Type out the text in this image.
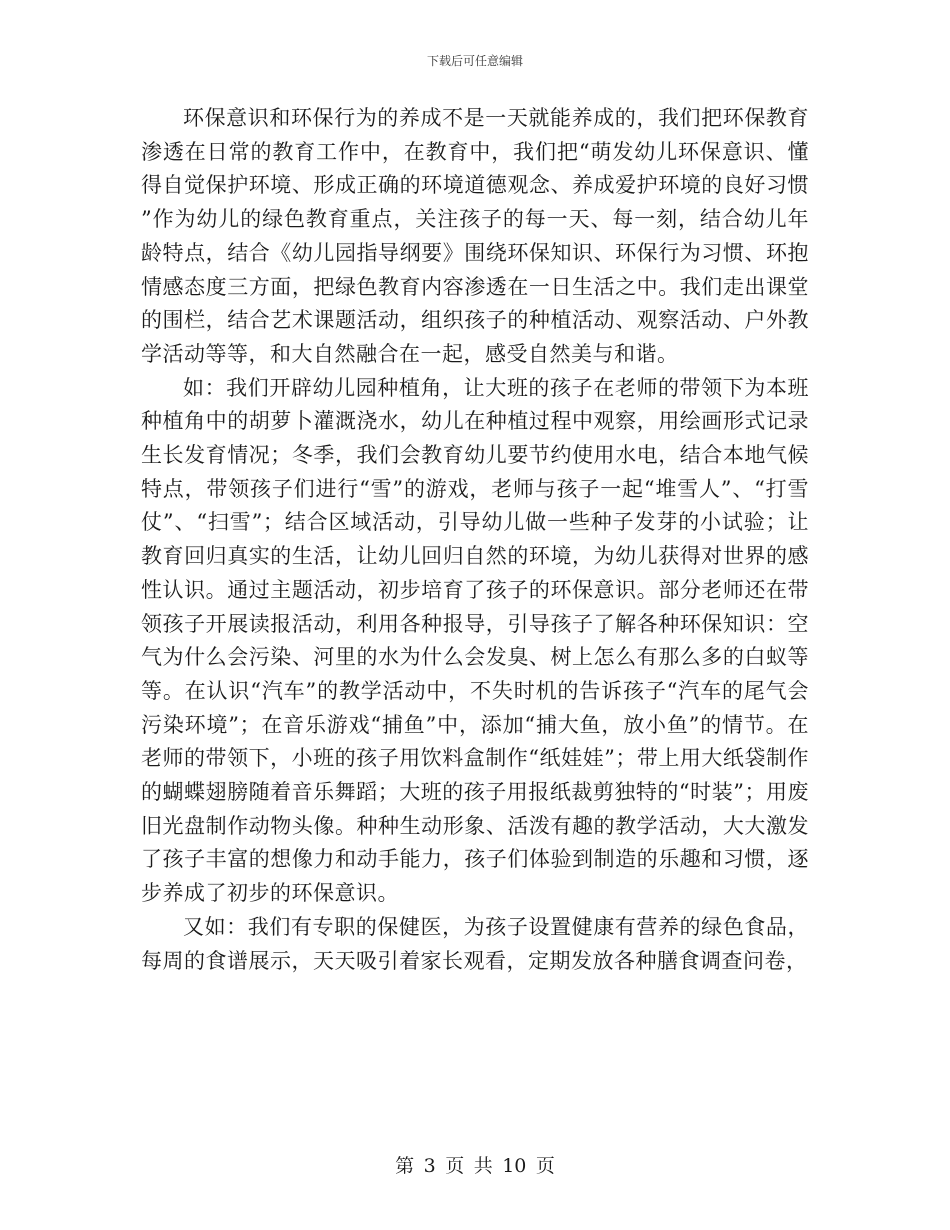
下载后可任意编辑

环保意识和环保行为的养成不是一天就能养成的，我们把环保教育渗透在日常的教育工作中，在教育中，我们把“萌发幼儿环保意识、懂得自觉保护环境、形成正确的环境道德观念、养成爱护环境的良好习惯”作为幼儿的绿色教育重点，关注孩子的每一天、每一刻，结合幼儿年龄特点，结合《幼儿园指导纲要》围绕环保知识、环保行为习惯、环抱情感态度三方面，把绿色教育内容渗透在一日生活之中。我们走出课堂的围栏，结合艺术课题活动，组织孩子的种植活动、观察活动、户外教学活动等等，和大自然融合在一起，感受自然美与和谐。

如：我们开辟幼儿园种植角，让大班的孩子在老师的带领下为本班种植角中的胡萝卜灌溉浇水，幼儿在种植过程中观察，用绘画形式记录生长发育情况；冬季，我们会教育幼儿要节约使用水电，结合本地气候特点，带领孩子们进行“雪”的游戏，老师与孩子一起“堆雪人”、“打雪仗”、“扫雪”；结合区域活动，引导幼儿做一些种子发芽的小试验；让教育回归真实的生活，让幼儿回归自然的环境，为幼儿获得对世界的感性认识。通过主题活动，初步培育了孩子的环保意识。部分老师还在带领孩子开展读报活动，利用各种报导，引导孩子了解各种环保知识：空气为什么会污染、河里的水为什么会发臭、树上怎么有那么多的白蚁等等。在认识“汽车”的教学活动中，不失时机的告诉孩子“汽车的尾气会污染环境”；在音乐游戏“捕鱼”中，添加“捕大鱼，放小鱼”的情节。在老师的带领下，小班的孩子用饮料盒制作“纸娃娃”；带上用大纸袋制作的蝴蝶翅膀随着音乐舞蹈；大班的孩子用报纸裁剪独特的“时装”；用废旧光盘制作动物头像。种种生动形象、活泼有趣的教学活动，大大激发了孩子丰富的想像力和动手能力，孩子们体验到制造的乐趣和习惯，逐步养成了初步的环保意识。

又如：我们有专职的保健医，为孩子设置健康有营养的绿色食品，每周的食谱展示，天天吸引着家长观看，定期发放各种膳食调查问卷，

第 3 页 共 10 页
